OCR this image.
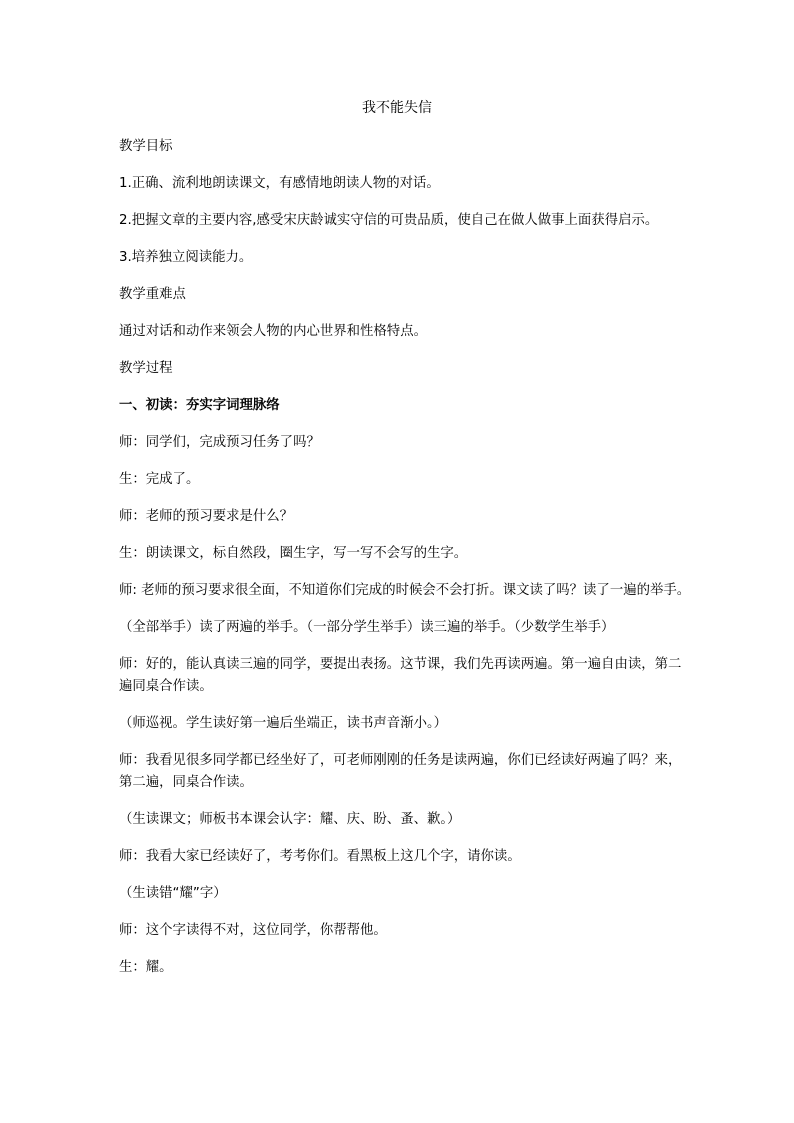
我不能失信

教学目标

1.正确、流利地朗读课文，有感情地朗读人物的对话。

2.把握文章的主要内容,感受宋庆龄诚实守信的可贵品质，使自己在做人做事上面获得启示。

3.培养独立阅读能力。

教学重难点

通过对话和动作来领会人物的内心世界和性格特点。

教学过程

一、初读：夯实字词理脉络

师：同学们，完成预习任务了吗？

生：完成了。

师：老师的预习要求是什么？

生：朗读课文，标自然段，圈生字，写一写不会写的生字。

师: 老师的预习要求很全面，不知道你们完成的时候会不会打折。课文读了吗？读了一遍的举手。

（全部举手）读了两遍的举手。（一部分学生举手）读三遍的举手。（少数学生举手）

师：好的，能认真读三遍的同学，要提出表扬。这节课，我们先再读两遍。第一遍自由读，第二遍同桌合作读。

（师巡视。学生读好第一遍后坐端正，读书声音渐小。）

师：我看见很多同学都已经坐好了，可老师刚刚的任务是读两遍，你们已经读好两遍了吗？来，第二遍，同桌合作读。

（生读课文；师板书本课会认字：耀、庆、盼、蚤、歉。）

师：我看大家已经读好了，考考你们。看黑板上这几个字，请你读。

（生读错“耀”字）

师：这个字读得不对，这位同学，你帮帮他。

生：耀。
